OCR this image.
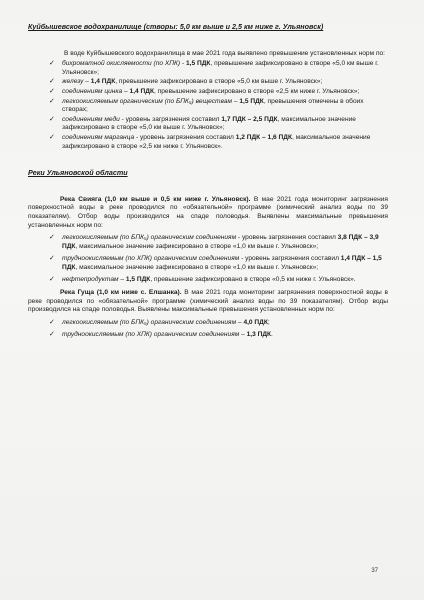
Куйбышевское водохранилище (створы: 5,0 км выше и 2,5 км ниже г. Ульяновск)

В воде Куйбышевского водохранилища в мае 2021 года выявлено превышение установленных норм по:

✓ бихроматной окисляемости (по ХПК) - 1,5 ПДК, превышение зафиксировано в створе «5,0 км выше г. Ульяновск»;
✓ железу – 1,4 ПДК, превышение зафиксировано в створе «5,0 км выше г. Ульяновск»;
✓ соединениям цинка – 1,4 ПДК, превышение зафиксировано в створе «2,5 км ниже г. Ульяновск»;
✓ легкоокисляемым органическим (по БПК₅) веществам – 1,5 ПДК, превышения отмечены в обоих створах;
✓ соединениям меди - уровень загрязнения составил 1,7 ПДК – 2,5 ПДК, максимальное значение зафиксировано в створе «5,0 км выше г. Ульяновск»;
✓ соединениям марганца - уровень загрязнения составил 1,2 ПДК – 1,6 ПДК, максимальное значение зафиксировано в створе «2,5 км ниже г. Ульяновск».
Реки Ульяновской области

Река Свияга (1,0 км выше и 0,5 км ниже г. Ульяновск). В мае 2021 года мониторинг загрязнения поверхностной воды в реке проводился по «обязательной» программе (химический анализ воды по 39 показателям). Отбор воды производился на спаде половодья. Выявлены максимальные превышения установленных норм по:

✓ легкоокисляемым (по БПК₅) органическим соединениям - уровень загрязнения составил 3,8 ПДК – 3,9 ПДК, максимальное значение зафиксировано в створе «1,0 км выше г. Ульяновск»;
✓ трудноокисляемым (по ХПК) органическим соединениям - уровень загрязнения составил 1,4 ПДК – 1,5 ПДК, максимальное значение зафиксировано в створе «1,0 км выше г. Ульяновск»;
✓ нефтепродуктам – 1,5 ПДК, превышение зафиксировано в створе «0,5 км ниже г. Ульяновск».

Река Гуща (1,0 км ниже с. Елшанка). В мае 2021 года мониторинг загрязнения поверхностной воды в реке проводился по «обязательной» программе (химический анализ воды по 39 показателям). Отбор воды производился на спаде половодья. Выявлены максимальные превышения установленных норм по:

✓ легкоокисляемым (по БПК₅) органическим соединениям – 4,0 ПДК;
✓ трудноокисляемым (по ХПК) органическим соединениям – 1,3 ПДК.
37
